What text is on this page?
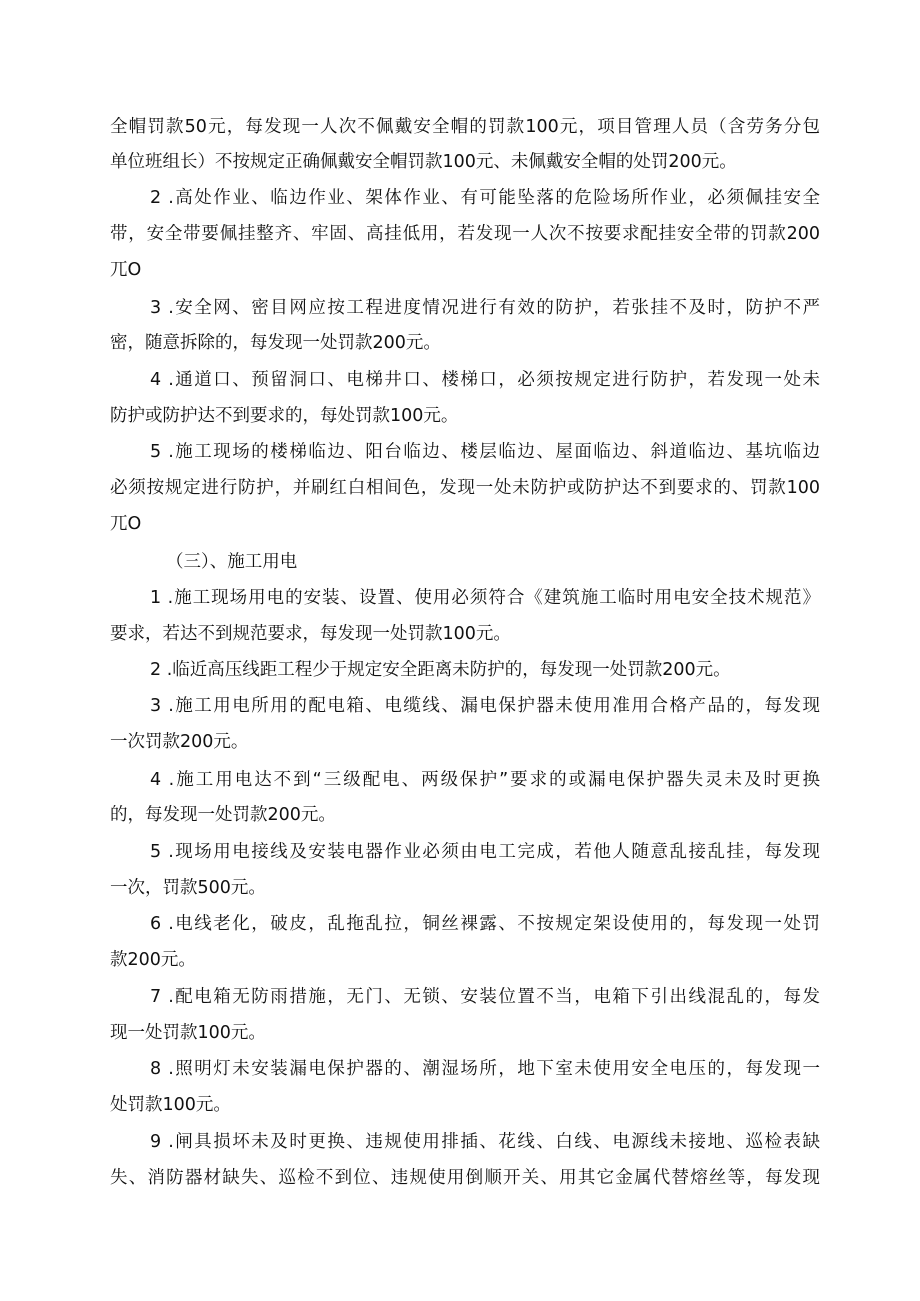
全帽罚款50元，每发现一人次不佩戴安全帽的罚款100元，项目管理人员（含劳务分包
单位班组长）不按规定正确佩戴安全帽罚款100元、未佩戴安全帽的处罚200元。
2 .高处作业、临边作业、架体作业、有可能坠落的危险场所作业，必须佩挂安全
带，安全带要佩挂整齐、牢固、高挂低用，若发现一人次不按要求配挂安全带的罚款200
兀O
3 .安全网、密目网应按工程进度情况进行有效的防护，若张挂不及时，防护不严
密，随意拆除的，每发现一处罚款200元。
4 .通道口、预留洞口、电梯井口、楼梯口，必须按规定进行防护，若发现一处未
防护或防护达不到要求的，每处罚款100元。
5 .施工现场的楼梯临边、阳台临边、楼层临边、屋面临边、斜道临边、基坑临边
必须按规定进行防护，并刷红白相间色，发现一处未防护或防护达不到要求的、罚款100
兀O
（三）、施工用电
1 .施工现场用电的安装、设置、使用必须符合《建筑施工临时用电安全技术规范》
要求，若达不到规范要求，每发现一处罚款100元。
2 .临近高压线距工程少于规定安全距离未防护的，每发现一处罚款200元。
3 .施工用电所用的配电箱、电缆线、漏电保护器未使用准用合格产品的，每发现
一次罚款200元。
4 .施工用电达不到“三级配电、两级保护”要求的或漏电保护器失灵未及时更换
的，每发现一处罚款200元。
5 .现场用电接线及安装电器作业必须由电工完成，若他人随意乱接乱挂，每发现
一次，罚款500元。
6 .电线老化，破皮，乱拖乱拉，铜丝裸露、不按规定架设使用的，每发现一处罚
款200元。
7 .配电箱无防雨措施，无门、无锁、安装位置不当，电箱下引出线混乱的，每发
现一处罚款100元。
8 .照明灯未安装漏电保护器的、潮湿场所，地下室未使用安全电压的，每发现一
处罚款100元。
9 .闸具损坏未及时更换、违规使用排插、花线、白线、电源线未接地、巡检表缺
失、消防器材缺失、巡检不到位、违规使用倒顺开关、用其它金属代替熔丝等，每发现
